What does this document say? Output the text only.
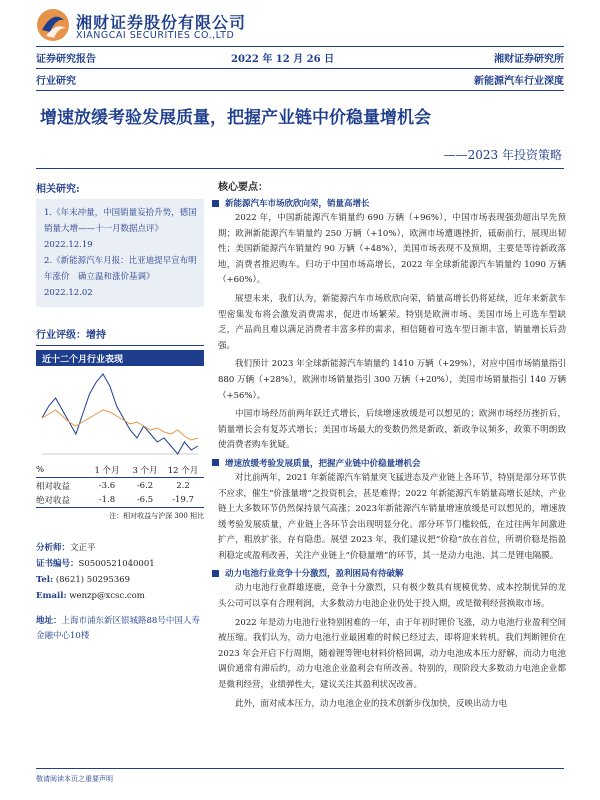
湘财证券股份有限公司
XIANGCAI SECURITIES CO.,LTD
证券研究报告	2022 年 12 月 26 日	湘财证券研究所
行业研究	新能源汽车行业深度
增速放缓考验发展质量，把握产业链中价稳量增机会
——2023 年投资策略
相关研究:

1.《年末冲量，中国销量妄拾升势，德国销量大增——十一月数据点评》2022.12.19

2.《新能源汽车月报：比亚迪提早宣布明年涨价　确立温和涨价基调》2022.12.02

行业评级：增持
近十二个月行业表现
%	1 个月	3 个月	12 个月
相对收益	-3.6	-6.2	2.2
绝对收益	-1.8	-6.5	-19.7
注：相对收益与沪深 300 相比
分析师：文正平
证书编号：S0500521040001
Tel: (8621) 50295369
Email: wenzp@xcsc.com
地址：上海市浦东新区银城路88号中国人寿金融中心10楼
核心要点：
新能源汽车市场欣欣向荣，销量高增长

2022 年，中国新能源汽车销量约 690 万辆（+96%），中国市场表现强劲超出早先预期；欧洲新能源汽车销量约 250 万辆（+10%），欧洲市场遭遇挫折，砥砺前行，展现出韧性；美国新能源汽车销量约 90 万辆（+48%），美国市场表现不及预期，主要是等待新政落地，消费者推迟购车。归功于中国市场高增长，2022 年全球新能源汽车销量约 1090 万辆（+60%）。

展望未来，我们认为，新能源汽车市场欣欣向荣，销量高增长仍将延续，近年来新款车型密集发布将会激发消费需求，促进市场繁荣。特别是欧洲市场、美国市场上可选车型缺乏，产品尚且难以满足消费者丰富多样的需求，相信随着可选车型日渐丰富，销量增长后劲强。

我们预计 2023 年全球新能源汽车销量约 1410 万辆（+29%），对应中国市场销量指引 880 万辆（+28%），欧洲市场销量指引 300 万辆（+20%），美国市场销量指引 140 万辆（+56%）。

中国市场经历前两年跃迁式增长，后续增速放缓是可以想见的；欧洲市场经历挫折后，销量增长会有复苏式增长；美国市场最大的变数仍然是新政，新政争议频多，政策不明朗致使消费者购车犹疑。

增速放缓考验发展质量，把握产业链中价稳量增机会

对比前两年，2021 年新能源汽车销量突飞猛进态及产业链上各环节，特别是部分环节供不应求，催生“价涨量增”之投资机会，甚是难得；2022 年新能源汽车销量高增长延续，产业链上大多数环节仍然保持景气高涨；2023年新能源汽车销量增速放缓是可以想见的，增速放缓考验发展质量，产业链上各环节会出现明显分化。部分环节门槛较低，在过往两年间激进扩产，粗放扩张，存有隐患。展望 2023 年，我们建议把“价稳”放在首位，所谓价稳是指盈利稳定或盈利改善，关注产业链上“价稳量增”的环节，其一是动力电池、其二是锂电隔膜。

动力电池行业竞争十分激烈，盈利困局有待破解

动力电池行业群雄逐鹿，竞争十分激烈，只有极少数具有规模优势、成本控制优异的龙头公司可以享有合理利润，大多数动力电池企业仍处于投入期，或是微利经营换取市场。

2022 年是动力电池行业特别困难的一年，由于年初时锂价飞涨，动力电池行业盈利空间被压缩。我们认为，动力电池行业最困难的时候已经过去，即将迎来转机。我们判断锂价在 2023 年会开启下行周期，随着锂等锂电材料价格回调，动力电池成本压力舒解，而动力电池调价通常有滞后约，动力电池企业盈利会有所改善。特别的，现阶段大多数动力电池企业都是微利经营，业绩弹性大，建议关注其盈利状况改善。

此外，面对成本压力，动力电池企业的技术创新步伐加快，反映出动力电

敬请阅读本页之重要声明
